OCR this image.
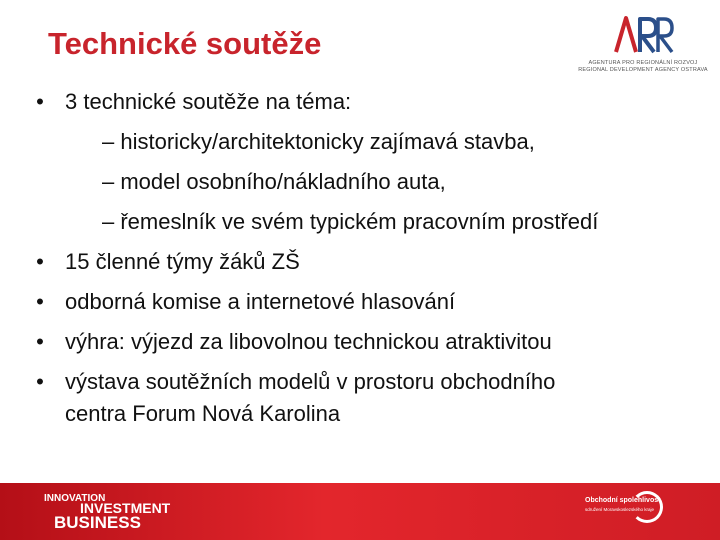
Technické soutěže
AGENTURA PRO REGIONÁLNÍ ROZVOJ
REGIONAL DEVELOPMENT AGENCY OSTRAVA
• 3 technické soutěže na téma:
– historicky/architektonicky zajímavá stavba,
– model osobního/nákladního auta,
– řemeslník ve svém typickém pracovním prostředí
• 15 členné týmy žáků ZŠ
• odborná komise a internetové hlasování
• výhra: výjezd za libovolnou technickou atraktivitou
• výstava soutěžních modelů v prostoru obchodního
centra Forum Nová Karolina
INNOVATION
INVESTMENT
BUSINESS
Obchodní spolehlivost
sdružení Moravskoslezského kraje
